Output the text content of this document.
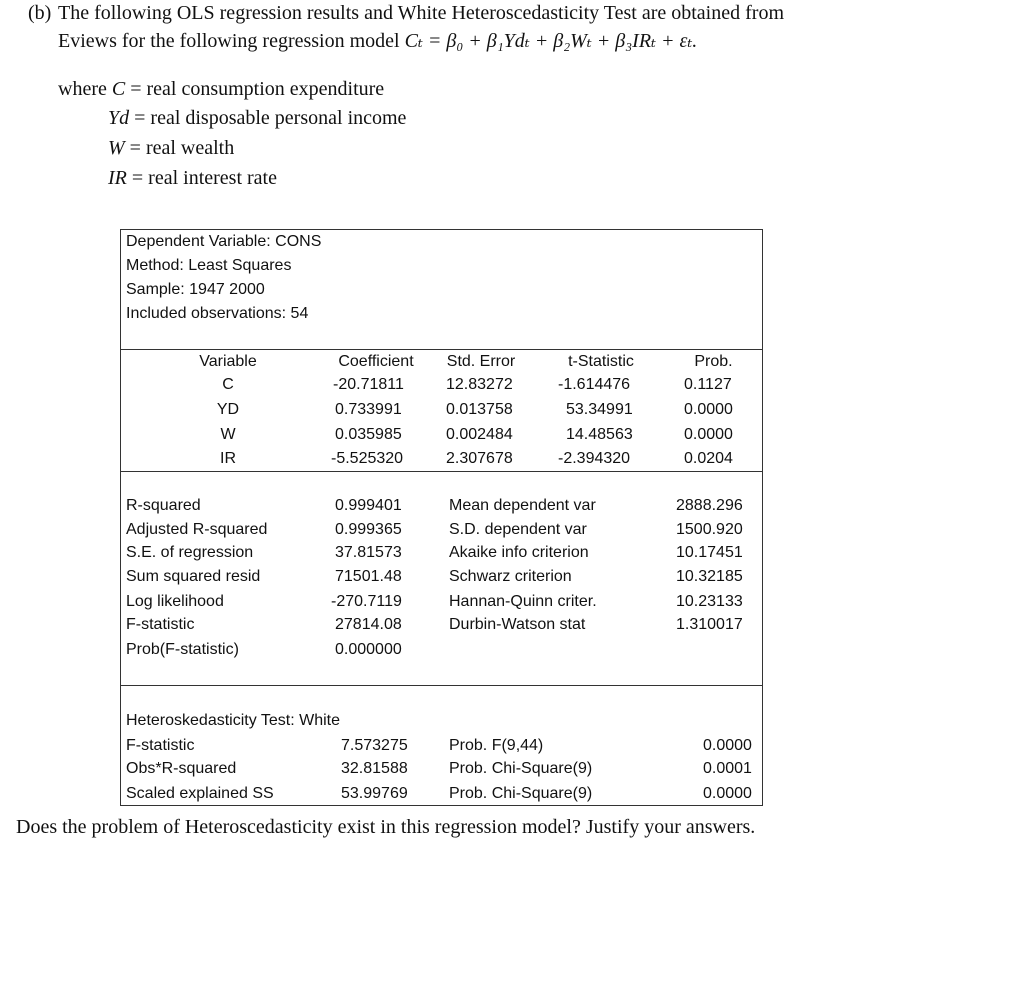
(b) The following OLS regression results and White Heteroscedasticity Test are obtained from
Eviews for the following regression model Cₜ = β₀ + β₁Ydₜ + β₂Wₜ + β₃IRₜ + εₜ.
where C = real consumption expenditure
Yd = real disposable personal income
W = real wealth
IR = real interest rate
Dependent Variable: CONS
Method: Least Squares
Sample: 1947 2000
Included observations: 54
Variable	Coefficient	Std. Error	t-Statistic	Prob.
C	-20.71811	12.83272	-1.614476	0.1127
YD	0.733991	0.013758	53.34991	0.0000
W	0.035985	0.002484	14.48563	0.0000
IR	-5.525320	2.307678	-2.394320	0.0204
R-squared	0.999401	Mean dependent var	2888.296
Adjusted R-squared	0.999365	S.D. dependent var	1500.920
S.E. of regression	37.81573	Akaike info criterion	10.17451
Sum squared resid	71501.48	Schwarz criterion	10.32185
Log likelihood	-270.7119	Hannan-Quinn criter.	10.23133
F-statistic	27814.08	Durbin-Watson stat	1.310017
Prob(F-statistic)	0.000000
Heteroskedasticity Test: White
F-statistic	7.573275	Prob. F(9,44)	0.0000
Obs*R-squared	32.81588	Prob. Chi-Square(9)	0.0001
Scaled explained SS	53.99769	Prob. Chi-Square(9)	0.0000
Does the problem of Heteroscedasticity exist in this regression model? Justify your answers.
